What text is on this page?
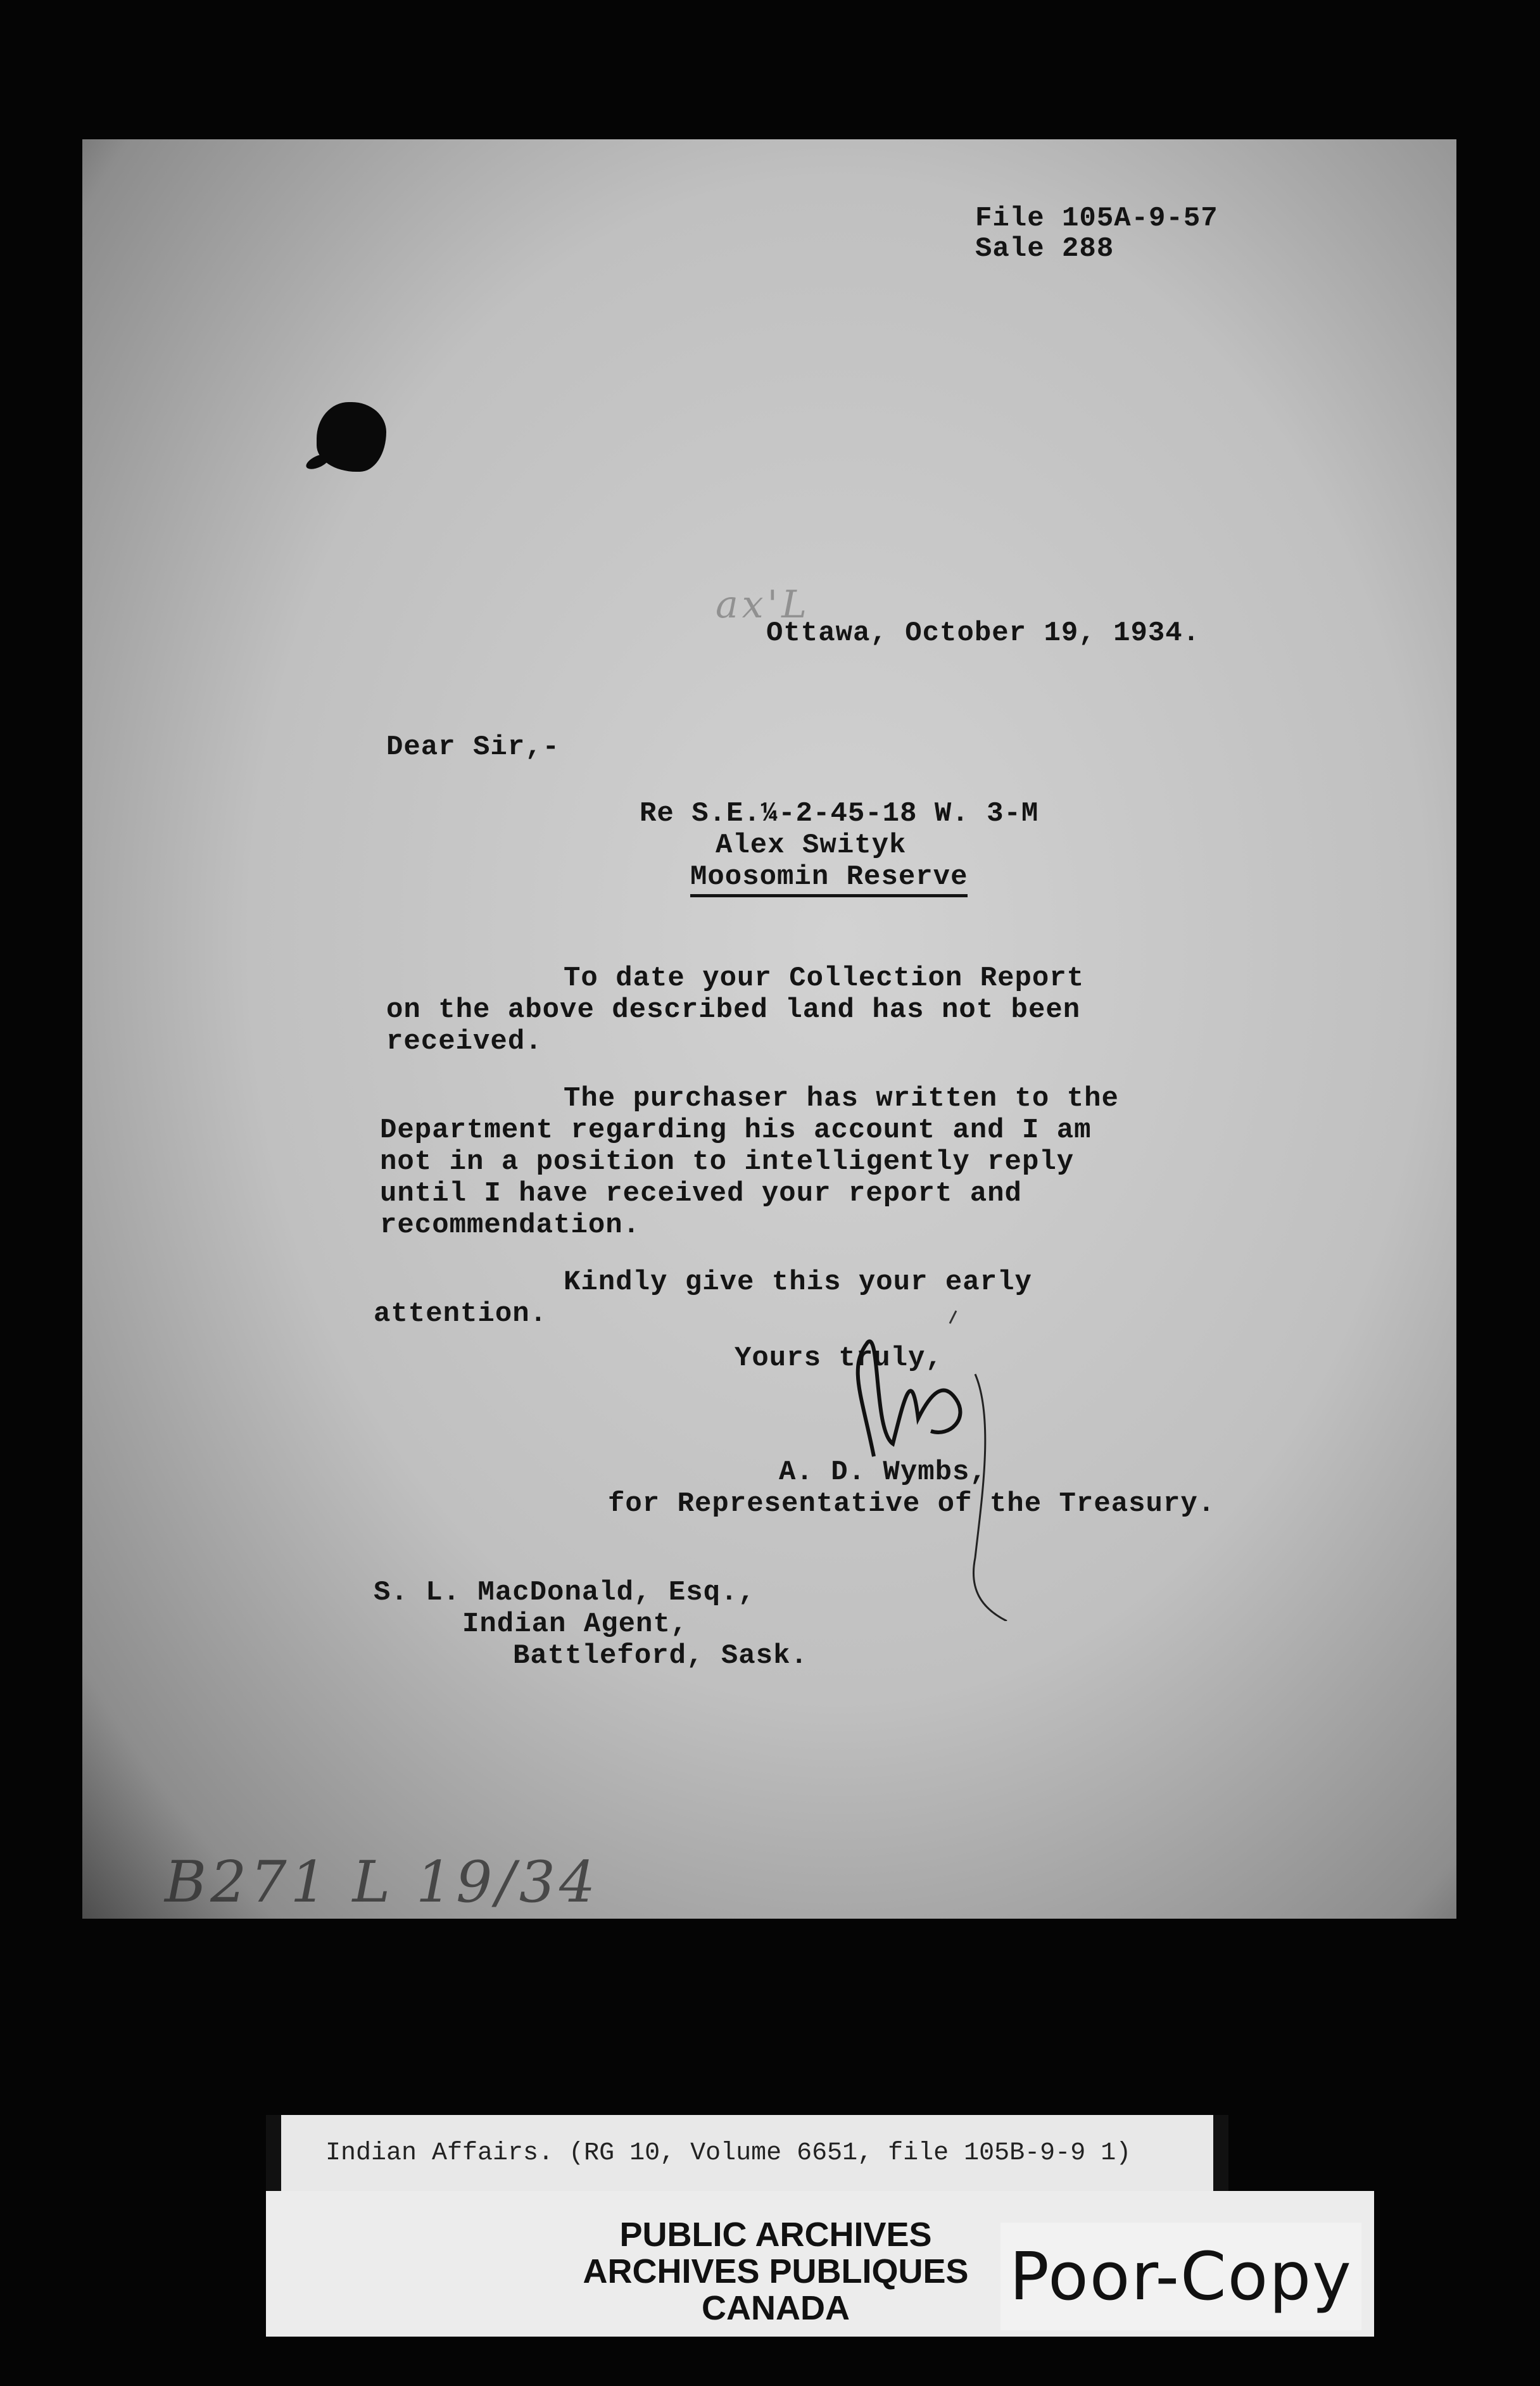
File 105A-9-57
Sale 288
ax'L
Ottawa, October 19, 1934.
Dear Sir,-
Re S.E.¼-2-45-18 W. 3-M
Alex Swityk
Moosomin Reserve
To date your Collection Report
on the above described land has not been
received.
The purchaser has written to the
Department regarding his account and I am
not in a position to intelligently reply
until I have received your report and
recommendation.
Kindly give this your early
attention.
Yours truly,
A. D. Wymbs,
for Representative of the Treasury.
S. L. MacDonald, Esq.,
Indian Agent,
Battleford, Sask.
B271 L 19/34
Indian Affairs. (RG 10, Volume 6651, file 105B-9-9 1)
PUBLIC ARCHIVES
ARCHIVES PUBLIQUES
CANADA	Poor-Copy
